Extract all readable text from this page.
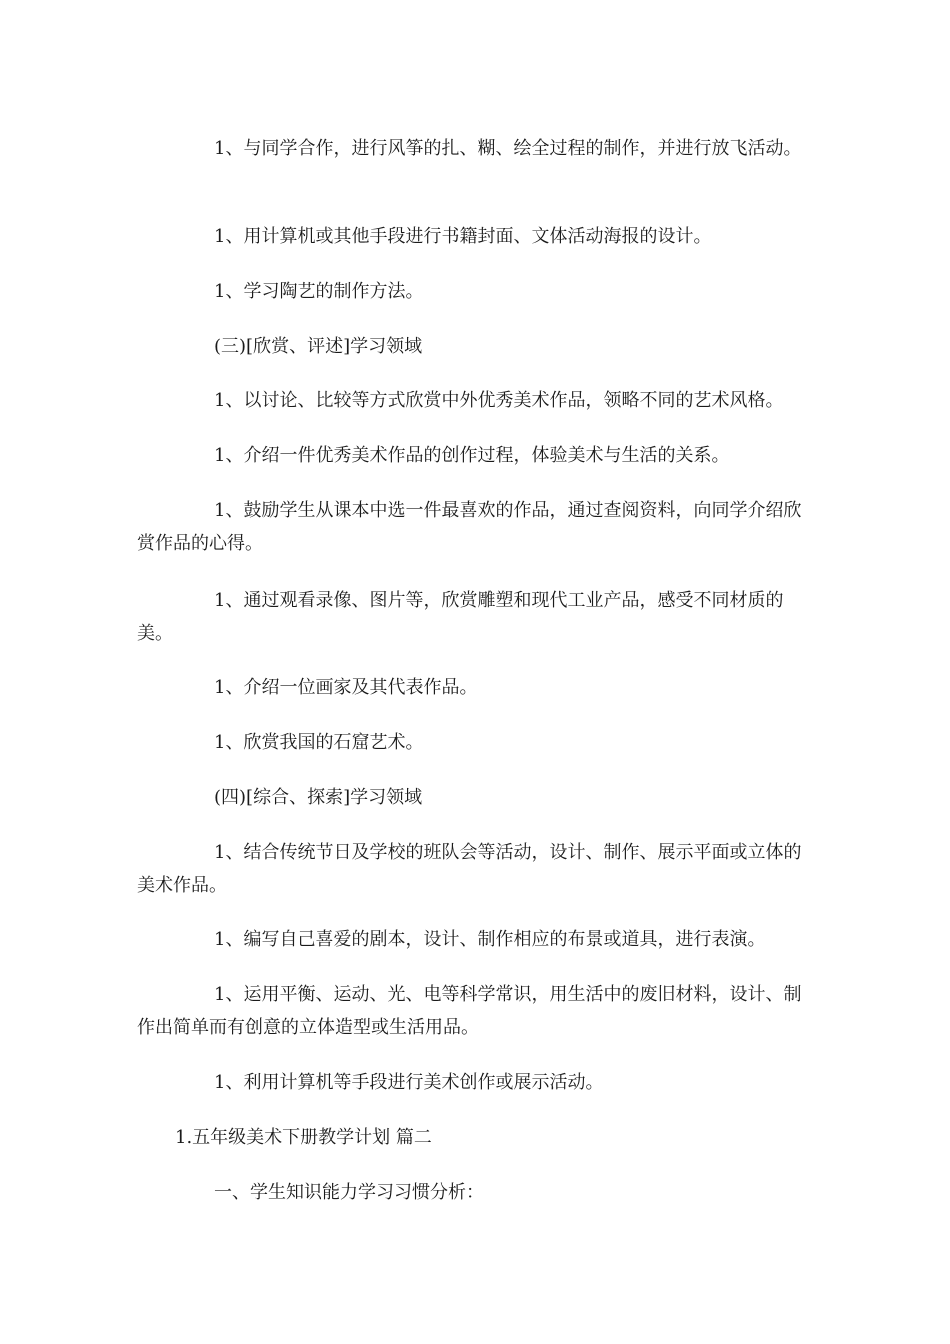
1、与同学合作，进行风筝的扎、糊、绘全过程的制作，并进行放飞活动。
1、用计算机或其他手段进行书籍封面、文体活动海报的设计。
1、学习陶艺的制作方法。
(三)[欣赏、评述]学习领域
1、以讨论、比较等方式欣赏中外优秀美术作品，领略不同的艺术风格。
1、介绍一件优秀美术作品的创作过程，体验美术与生活的关系。
1、鼓励学生从课本中选一件最喜欢的作品，通过查阅资料，向同学介绍欣赏作品的心得。
1、通过观看录像、图片等，欣赏雕塑和现代工业产品，感受不同材质的美。
1、介绍一位画家及其代表作品。
1、欣赏我国的石窟艺术。
(四)[综合、探索]学习领域
1、结合传统节日及学校的班队会等活动，设计、制作、展示平面或立体的美术作品。
1、编写自己喜爱的剧本，设计、制作相应的布景或道具，进行表演。
1、运用平衡、运动、光、电等科学常识，用生活中的废旧材料，设计、制作出简单而有创意的立体造型或生活用品。
1、利用计算机等手段进行美术创作或展示活动。
1.五年级美术下册教学计划 篇二
一、学生知识能力学习习惯分析：
